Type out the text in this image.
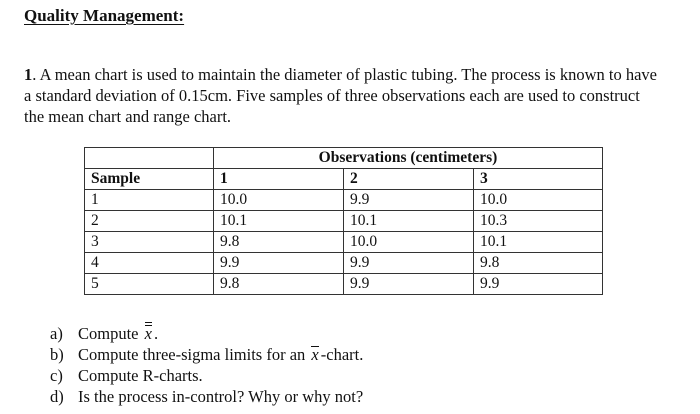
Quality Management:
1. A mean chart is used to maintain the diameter of plastic tubing. The process is known to have a standard deviation of 0.15cm. Five samples of three observations each are used to construct the mean chart and range chart.
	Observations (centimeters)		
Sample	1	2	3
1	10.0	9.9	10.0
2	10.1	10.1	10.3
3	9.8	10.0	10.1
4	9.9	9.9	9.8
5	9.8	9.9	9.9
a) Compute x .
b) Compute three-sigma limits for an x -chart.
c) Compute R-charts.
d) Is the process in-control? Why or why not?
